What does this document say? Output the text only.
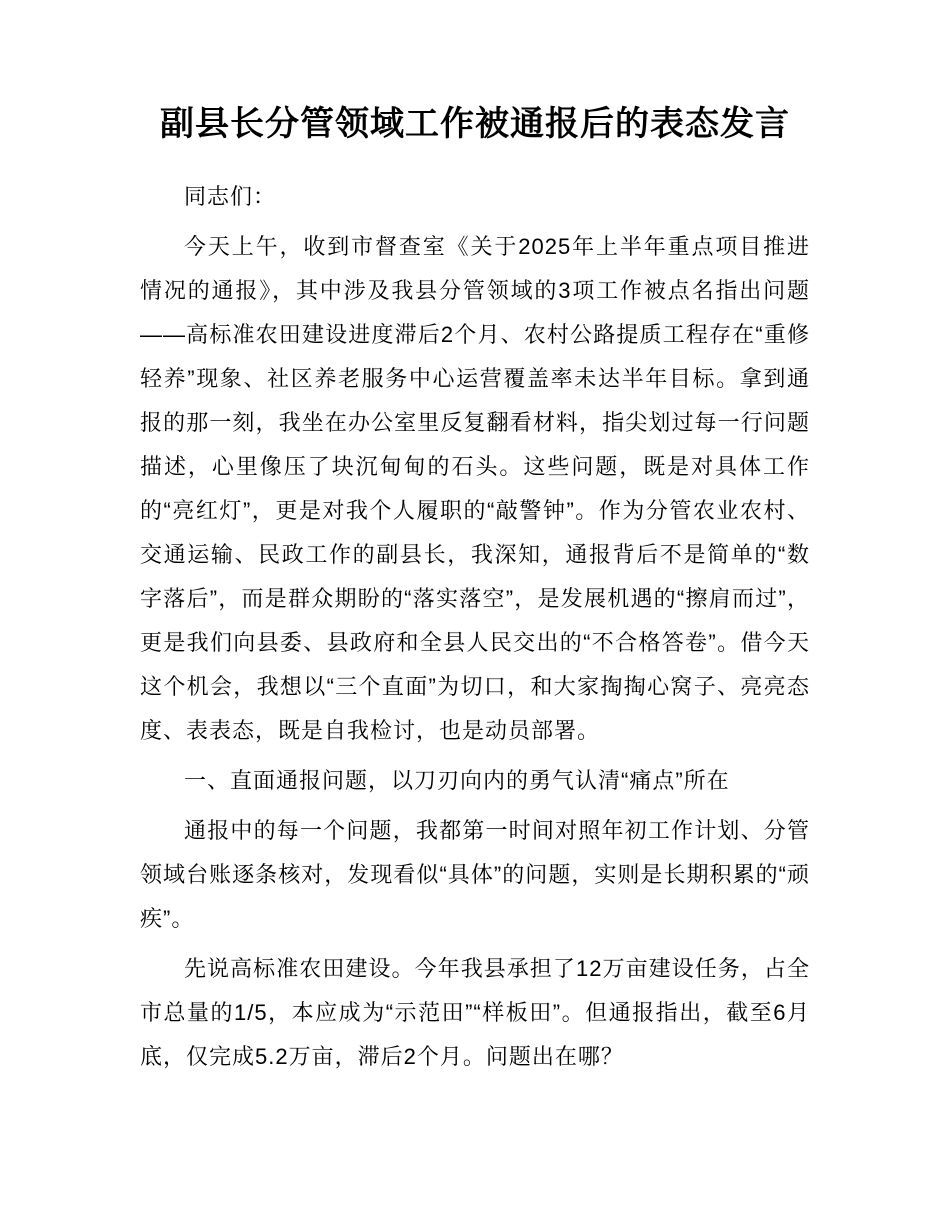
副县长分管领域工作被通报后的表态发言

同志们：

今天上午，收到市督查室《关于2025年上半年重点项目推进情况的通报》，其中涉及我县分管领域的3项工作被点名指出问题——高标准农田建设进度滞后2个月、农村公路提质工程存在“重修轻养”现象、社区养老服务中心运营覆盖率未达半年目标。拿到通报的那一刻，我坐在办公室里反复翻看材料，指尖划过每一行问题描述，心里像压了块沉甸甸的石头。这些问题，既是对具体工作的“亮红灯”，更是对我个人履职的“敲警钟”。作为分管农业农村、交通运输、民政工作的副县长，我深知，通报背后不是简单的“数字落后”，而是群众期盼的“落实落空”，是发展机遇的“擦肩而过”，更是我们向县委、县政府和全县人民交出的“不合格答卷”。借今天这个机会，我想以“三个直面”为切口，和大家掏掏心窝子、亮亮态度、表表态，既是自我检讨，也是动员部署。

一、直面通报问题，以刀刃向内的勇气认清“痛点”所在

通报中的每一个问题，我都第一时间对照年初工作计划、分管领域台账逐条核对，发现看似“具体”的问题，实则是长期积累的“顽疾”。

先说高标准农田建设。今年我县承担了12万亩建设任务，占全市总量的1/5，本应成为“示范田”“样板田”。但通报指出，截至6月底，仅完成5.2万亩，滞后2个月。问题出在哪？
